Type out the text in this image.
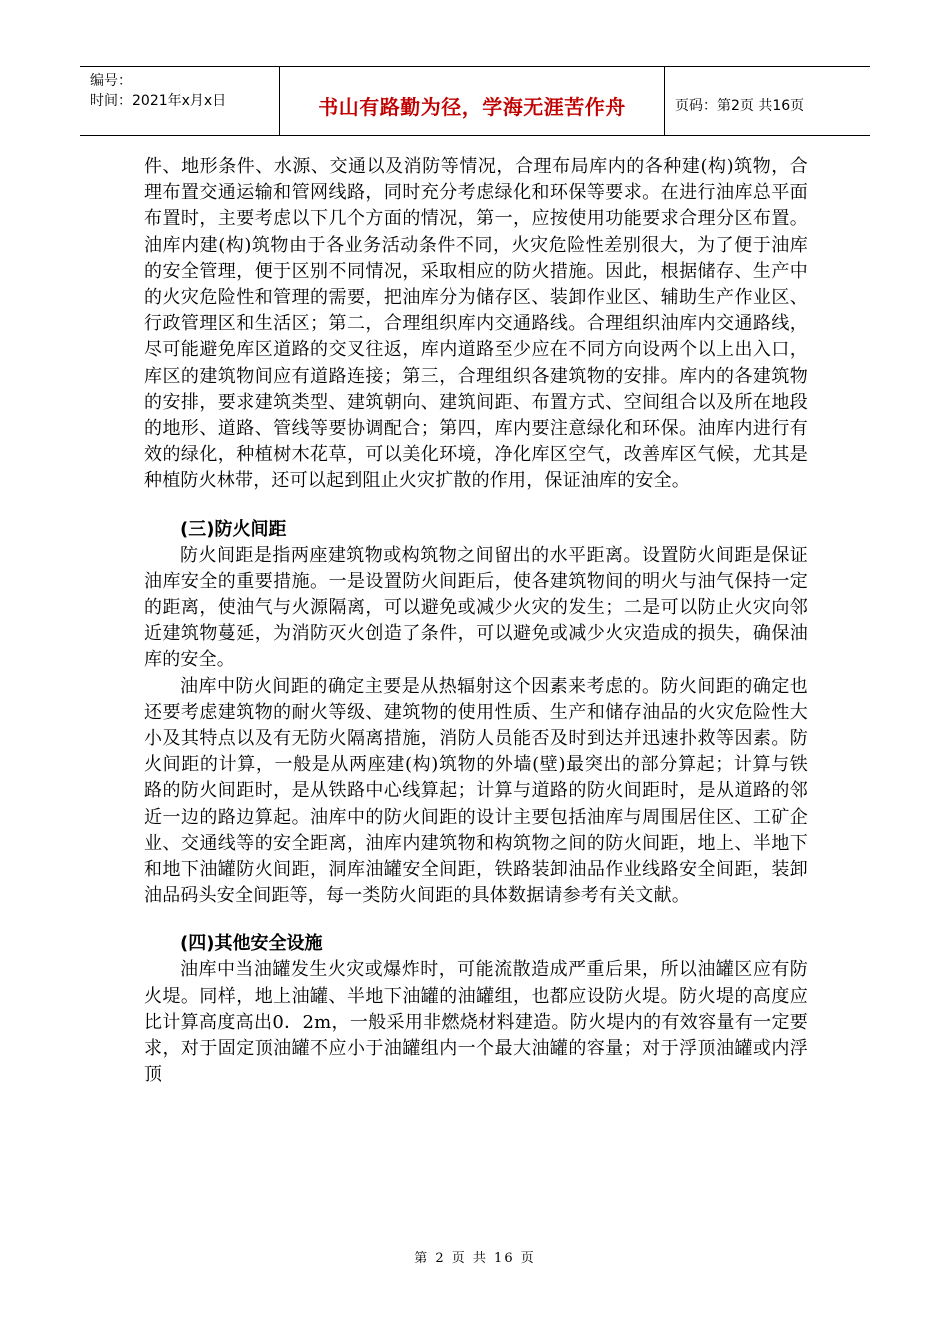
编号：
时间：2021年x月x日	书山有路勤为径，学海无涯苦作舟	页码：第2页 共16页

件、地形条件、水源、交通以及消防等情况，合理布局库内的各种建(构)筑物，合理布置交通运输和管网线路，同时充分考虑绿化和环保等要求。在进行油库总平面布置时，主要考虑以下几个方面的情况，第一，应按使用功能要求合理分区布置。油库内建(构)筑物由于各业务活动条件不同，火灾危险性差别很大，为了便于油库的安全管理，便于区别不同情况，采取相应的防火措施。因此，根据储存、生产中的火灾危险性和管理的需要，把油库分为储存区、装卸作业区、辅助生产作业区、行政管理区和生活区；第二，合理组织库内交通路线。合理组织油库内交通路线，尽可能避免库区道路的交叉往返，库内道路至少应在不同方向设两个以上出入口，库区的建筑物间应有道路连接；第三，合理组织各建筑物的安排。库内的各建筑物的安排，要求建筑类型、建筑朝向、建筑间距、布置方式、空间组合以及所在地段的地形、道路、管线等要协调配合；第四，库内要注意绿化和环保。油库内进行有效的绿化，种植树木花草，可以美化环境，净化库区空气，改善库区气候，尤其是种植防火林带，还可以起到阻止火灾扩散的作用，保证油库的安全。

(三)防火间距

防火间距是指两座建筑物或构筑物之间留出的水平距离。设置防火间距是保证油库安全的重要措施。一是设置防火间距后，使各建筑物间的明火与油气保持一定的距离，使油气与火源隔离，可以避免或减少火灾的发生；二是可以防止火灾向邻近建筑物蔓延，为消防灭火创造了条件，可以避免或减少火灾造成的损失，确保油库的安全。

油库中防火间距的确定主要是从热辐射这个因素来考虑的。防火间距的确定也还要考虑建筑物的耐火等级、建筑物的使用性质、生产和储存油品的火灾危险性大小及其特点以及有无防火隔离措施，消防人员能否及时到达并迅速扑救等因素。防火间距的计算，一般是从两座建(构)筑物的外墙(壁)最突出的部分算起；计算与铁路的防火间距时，是从铁路中心线算起；计算与道路的防火间距时，是从道路的邻近一边的路边算起。油库中的防火间距的设计主要包括油库与周围居住区、工矿企业、交通线等的安全距离，油库内建筑物和构筑物之间的防火间距，地上、半地下和地下油罐防火间距，洞库油罐安全间距，铁路装卸油品作业线路安全间距，装卸油品码头安全间距等，每一类防火间距的具体数据请参考有关文献。

(四)其他安全设施

油库中当油罐发生火灾或爆炸时，可能流散造成严重后果，所以油罐区应有防火堤。同样，地上油罐、半地下油罐的油罐组，也都应设防火堤。防火堤的高度应比计算高度高出0．2m，一般采用非燃烧材料建造。防火堤内的有效容量有一定要求，对于固定顶油罐不应小于油罐组内一个最大油罐的容量；对于浮顶油罐或内浮顶

第 2 页 共 16 页
